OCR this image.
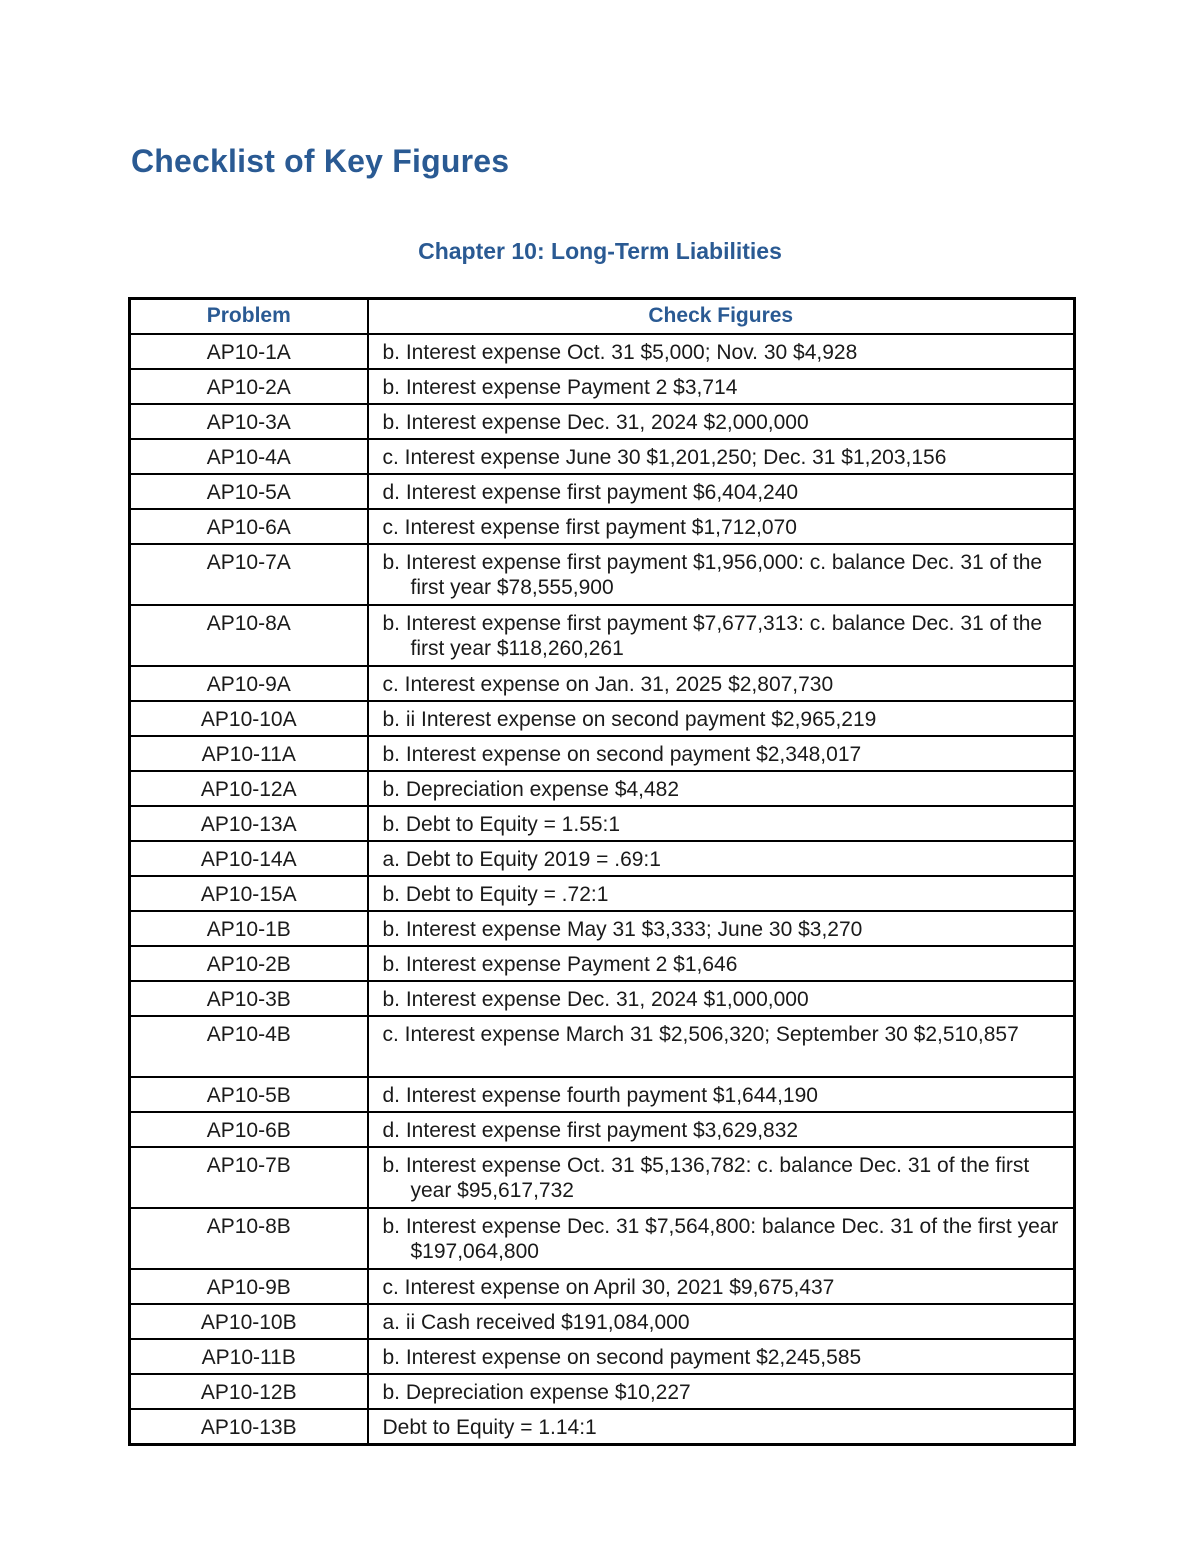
Checklist of Key Figures
Chapter 10: Long-Term Liabilities
Problem	Check Figures
AP10-1A	b. Interest expense Oct. 31 $5,000; Nov. 30 $4,928

AP10-2A	b. Interest expense Payment 2 $3,714

AP10-3A	b. Interest expense Dec. 31, 2024 $2,000,000

AP10-4A	c. Interest expense June 30 $1,201,250; Dec. 31 $1,203,156

AP10-5A	d. Interest expense first payment $6,404,240

AP10-6A	c. Interest expense first payment $1,712,070

AP10-7A	b. Interest expense first payment $1,956,000: c. balance Dec. 31 of the first year $78,555,900

AP10-8A	b. Interest expense first payment $7,677,313: c. balance Dec. 31 of the first year $118,260,261

AP10-9A	c. Interest expense on Jan. 31, 2025 $2,807,730

AP10-10A	b. ii Interest expense on second payment $2,965,219

AP10-11A	b. Interest expense on second payment $2,348,017

AP10-12A	b. Depreciation expense $4,482

AP10-13A	b. Debt to Equity = 1.55:1

AP10-14A	a. Debt to Equity 2019 = .69:1

AP10-15A	b. Debt to Equity = .72:1

AP10-1B	b. Interest expense May 31 $3,333; June 30 $3,270

AP10-2B	b. Interest expense Payment 2 $1,646

AP10-3B	b. Interest expense Dec. 31, 2024 $1,000,000

AP10-4B	c. Interest expense March 31 $2,506,320; September 30 $2,510,857

AP10-5B	d. Interest expense fourth payment $1,644,190

AP10-6B	d. Interest expense first payment $3,629,832

AP10-7B	b. Interest expense Oct. 31 $5,136,782: c. balance Dec. 31 of the first year $95,617,732

AP10-8B	b. Interest expense Dec. 31 $7,564,800: balance Dec. 31 of the first year $197,064,800

AP10-9B	c. Interest expense on April 30, 2021 $9,675,437

AP10-10B	a. ii Cash received $191,084,000

AP10-11B	b. Interest expense on second payment $2,245,585

AP10-12B	b. Depreciation expense $10,227

AP10-13B	Debt to Equity = 1.14:1
